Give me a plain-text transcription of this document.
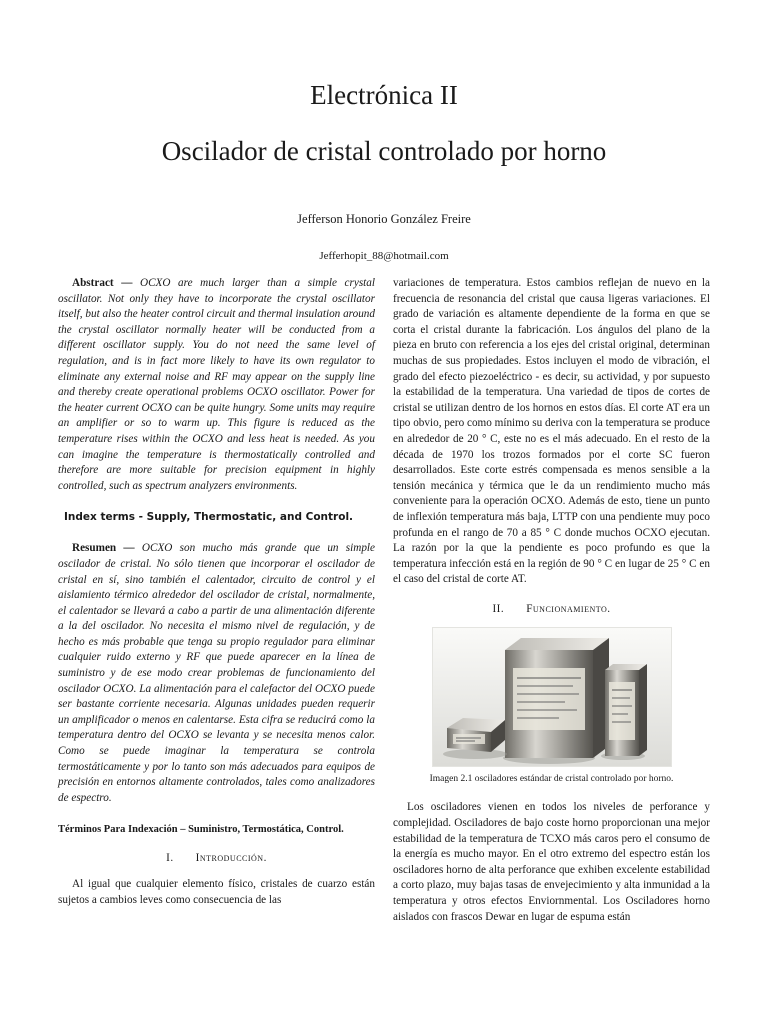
Electrónica II
Oscilador de cristal controlado por horno
Jefferson Honorio González Freire
Jefferhopit_88@hotmail.com

Abstract — OCXO are much larger than a simple crystal oscillator. Not only they have to incorporate the crystal oscillator itself, but also the heater control circuit and thermal insulation around the crystal oscillator normally heater will be conducted from a different oscillator supply. You do not need the same level of regulation, and is in fact more likely to have its own regulator to eliminate any external noise and RF may appear on the supply line and thereby create operational problems OCXO oscillator. Power for the heater current OCXO can be quite hungry. Some units may require an amplifier or so to warm up. This figure is reduced as the temperature rises within the OCXO and less heat is needed. As you can imagine the temperature is thermostatically controlled and therefore are more suitable for precision equipment in highly controlled, such as spectrum analyzers environments.

Index terms - Supply, Thermostatic, and Control.

Resumen — OCXO son mucho más grande que un simple oscilador de cristal. No sólo tienen que incorporar el oscilador de cristal en sí, sino también el calentador, circuito de control y el aislamiento térmico alrededor del oscilador de cristal, normalmente, el calentador se llevará a cabo a partir de una alimentación diferente a la del oscilador. No necesita el mismo nivel de regulación, y de hecho es más probable que tenga su propio regulador para eliminar cualquier ruido externo y RF que puede aparecer en la línea de suministro y de ese modo crear problemas de funcionamiento del oscilador OCXO. La alimentación para el calefactor del OCXO puede ser bastante corriente necesaria. Algunas unidades pueden requerir un amplificador o menos en calentarse. Esta cifra se reducirá como la temperatura dentro del OCXO se levanta y se necesita menos calor. Como se puede imaginar la temperatura se controla termostáticamente y por lo tanto son más adecuados para equipos de precisión en entornos altamente controlados, tales como analizadores de espectro.

Términos Para Indexación – Suministro, Termostática, Control.
I. Introducción.

Al igual que cualquier elemento físico, cristales de cuarzo están sujetos a cambios leves como consecuencia de las

variaciones de temperatura. Estos cambios reflejan de nuevo en la frecuencia de resonancia del cristal que causa ligeras variaciones. El grado de variación es altamente dependiente de la forma en que se corta el cristal durante la fabricación. Los ángulos del plano de la pieza en bruto con referencia a los ejes del cristal original, determinan muchas de sus propiedades. Estos incluyen el modo de vibración, el grado del efecto piezoeléctrico - es decir, su actividad, y por supuesto la estabilidad de la temperatura. Una variedad de tipos de cortes de cristal se utilizan dentro de los hornos en estos días. El corte AT era un tipo obvio, pero como mínimo su deriva con la temperatura se produce en alrededor de 20 ° C, este no es el más adecuado. En el resto de la década de 1970 los trozos formados por el corte SC fueron desarrollados. Este corte estrés compensada es menos sensible a la tensión mecánica y térmica que le da un rendimiento mucho más conveniente para la operación OCXO. Además de esto, tiene un punto de inflexión temperatura más baja, LTTP con una pendiente muy poco profunda en el rango de 70 a 85 ° C donde muchos OCXO ejecutan. La razón por la que la pendiente es poco profundo es que la temperatura infección está en la región de 90 ° C en lugar de 25 ° C en el caso del cristal de corte AT.

II. Funcionamiento.
Imagen 2.1 osciladores estándar de cristal controlado por horno.

Los osciladores vienen en todos los niveles de perforance y complejidad. Osciladores de bajo coste horno proporcionan una mejor estabilidad de la temperatura de TCXO más caros pero el consumo de la energía es mucho mayor. En el otro extremo del espectro están los osciladores horno de alta perforance que exhiben excelente estabilidad a corto plazo, muy bajas tasas de envejecimiento y alta inmunidad a la temperatura y otros efectos Enviornmental. Los Osciladores horno aislados con frascos Dewar en lugar de espuma están
